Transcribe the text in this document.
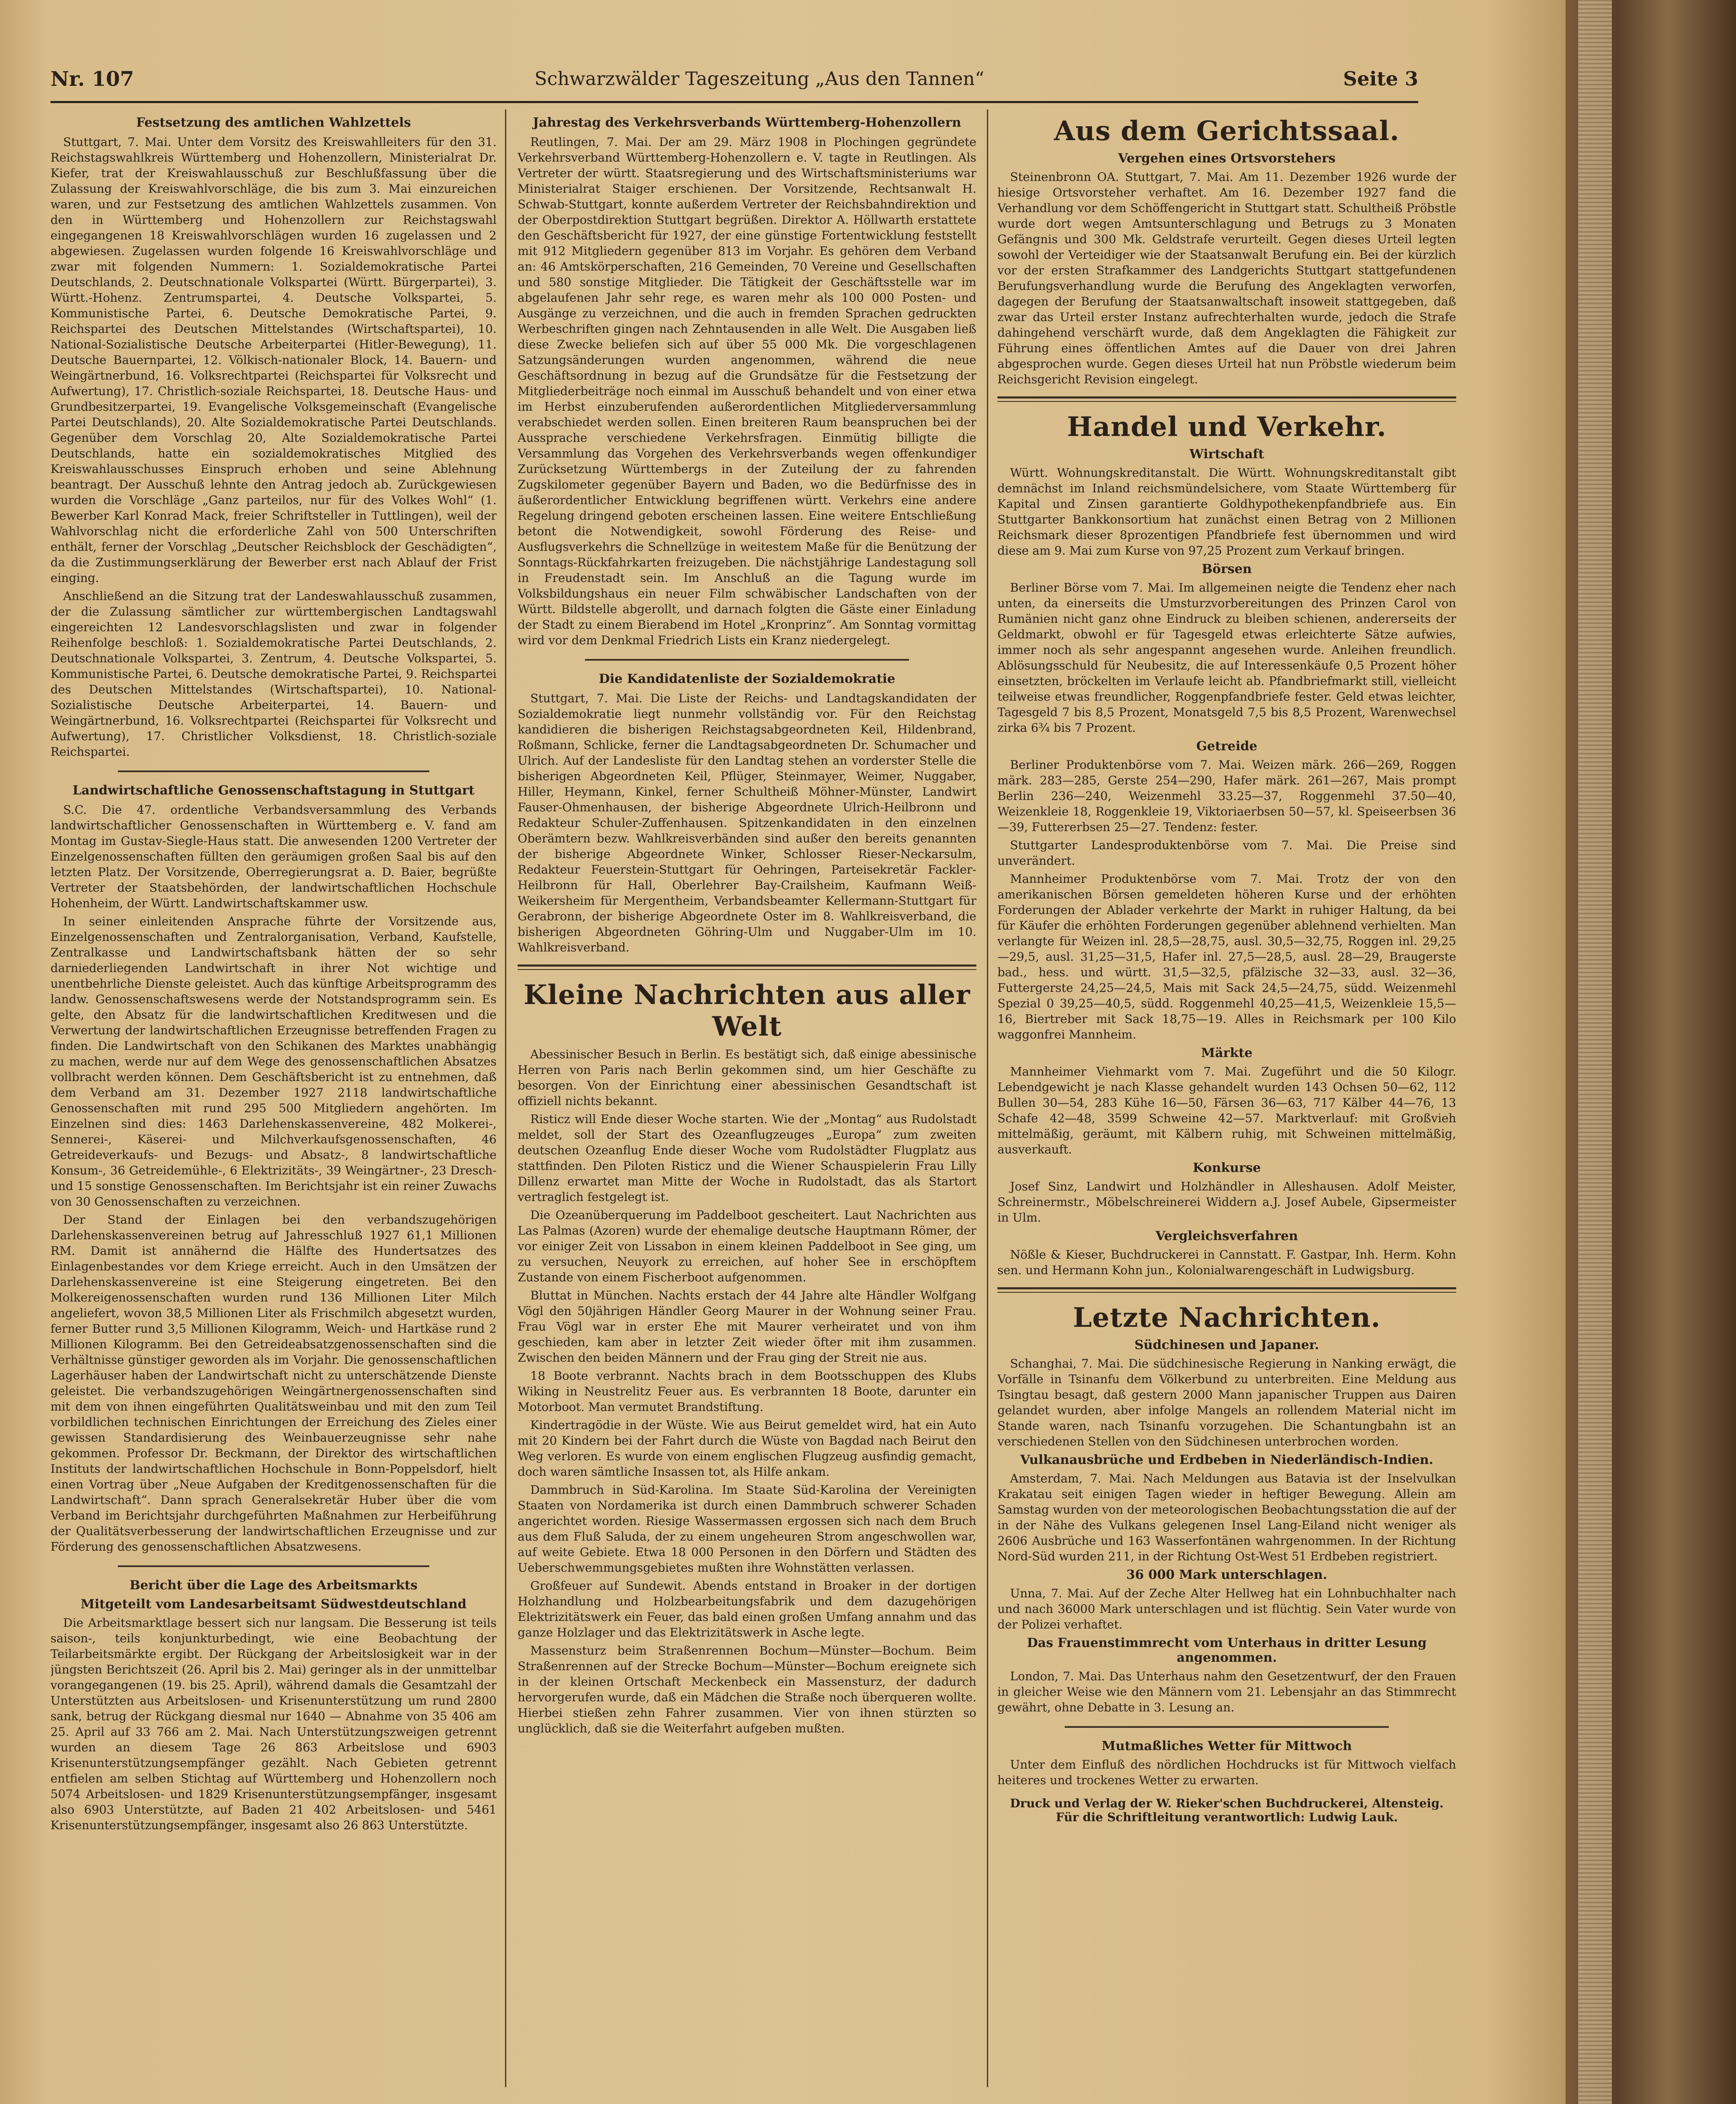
Nr. 107	Schwarzwälder Tageszeitung „Aus den Tannen“	Seite 3
Festsetzung des amtlichen Wahlzettels

Stuttgart, 7. Mai. Unter dem Vorsitz des Kreiswahlleiters für den 31. Reichstagswahlkreis Württemberg und Hohenzollern, Ministerialrat Dr. Kiefer, trat der Kreiswahlausschuß zur Beschlußfassung über die Zulassung der Kreiswahlvorschläge, die bis zum 3. Mai einzureichen waren, und zur Festsetzung des amtlichen Wahlzettels zusammen. Von den in Württemberg und Hohenzollern zur Reichstagswahl eingegangenen 18 Kreiswahlvorschlägen wurden 16 zugelassen und 2 abgewiesen. Zugelassen wurden folgende 16 Kreiswahlvorschläge und zwar mit folgenden Nummern: 1. Sozialdemokratische Partei Deutschlands, 2. Deutschnationale Volkspartei (Württ. Bürgerpartei), 3. Württ.-Hohenz. Zentrumspartei, 4. Deutsche Volkspartei, 5. Kommunistische Partei, 6. Deutsche Demokratische Partei, 9. Reichspartei des Deutschen Mittelstandes (Wirtschaftspartei), 10. National-Sozialistische Deutsche Arbeiterpartei (Hitler-Bewegung), 11. Deutsche Bauernpartei, 12. Völkisch-nationaler Block, 14. Bauern- und Weingärtnerbund, 16. Volksrechtpartei (Reichspartei für Volksrecht und Aufwertung), 17. Christlich-soziale Reichspartei, 18. Deutsche Haus- und Grundbesitzerpartei, 19. Evangelische Volksgemeinschaft (Evangelische Partei Deutschlands), 20. Alte Sozialdemokratische Partei Deutschlands. Gegenüber dem Vorschlag 20, Alte Sozialdemokratische Partei Deutschlands, hatte ein sozialdemokratisches Mitglied des Kreiswahlausschusses Einspruch erhoben und seine Ablehnung beantragt. Der Ausschuß lehnte den Antrag jedoch ab. Zurückgewiesen wurden die Vorschläge „Ganz parteilos, nur für des Volkes Wohl“ (1. Bewerber Karl Konrad Mack, freier Schriftsteller in Tuttlingen), weil der Wahlvorschlag nicht die erforderliche Zahl von 500 Unterschriften enthält, ferner der Vorschlag „Deutscher Reichsblock der Geschädigten“, da die Zustimmungserklärung der Bewerber erst nach Ablauf der Frist einging.

Anschließend an die Sitzung trat der Landeswahlausschuß zusammen, der die Zulassung sämtlicher zur württembergischen Landtagswahl eingereichten 12 Landesvorschlagslisten und zwar in folgender Reihenfolge beschloß: 1. Sozialdemokratische Partei Deutschlands, 2. Deutschnationale Volkspartei, 3. Zentrum, 4. Deutsche Volkspartei, 5. Kommunistische Partei, 6. Deutsche demokratische Partei, 9. Reichspartei des Deutschen Mittelstandes (Wirtschaftspartei), 10. National-Sozialistische Deutsche Arbeiterpartei, 14. Bauern- und Weingärtnerbund, 16. Volksrechtpartei (Reichspartei für Volksrecht und Aufwertung), 17. Christlicher Volksdienst, 18. Christlich-soziale Reichspartei.

Landwirtschaftliche Genossenschaftstagung in Stuttgart

S.C. Die 47. ordentliche Verbandsversammlung des Verbands landwirtschaftlicher Genossenschaften in Württemberg e. V. fand am Montag im Gustav-Siegle-Haus statt. Die anwesenden 1200 Vertreter der Einzelgenossenschaften füllten den geräumigen großen Saal bis auf den letzten Platz. Der Vorsitzende, Oberregierungsrat a. D. Baier, begrüßte Vertreter der Staatsbehörden, der landwirtschaftlichen Hochschule Hohenheim, der Württ. Landwirtschaftskammer usw.

In seiner einleitenden Ansprache führte der Vorsitzende aus, Einzelgenossenschaften und Zentralorganisation, Verband, Kaufstelle, Zentralkasse und Landwirtschaftsbank hätten der so sehr darniederliegenden Landwirtschaft in ihrer Not wichtige und unentbehrliche Dienste geleistet. Auch das künftige Arbeitsprogramm des landw. Genossenschaftswesens werde der Notstandsprogramm sein. Es gelte, den Absatz für die landwirtschaftlichen Kreditwesen und die Verwertung der landwirtschaftlichen Erzeugnisse betreffenden Fragen zu finden. Die Landwirtschaft von den Schikanen des Marktes unabhängig zu machen, werde nur auf dem Wege des genossenschaftlichen Absatzes vollbracht werden können. Dem Geschäftsbericht ist zu entnehmen, daß dem Verband am 31. Dezember 1927 2118 landwirtschaftliche Genossenschaften mit rund 295 500 Mitgliedern angehörten. Im Einzelnen sind dies: 1463 Darlehenskassenvereine, 482 Molkerei-, Sennerei-, Käserei- und Milchverkaufsgenossenschaften, 46 Getreideverkaufs- und Bezugs- und Absatz-, 8 landwirtschaftliche Konsum-, 36 Getreidemühle-, 6 Elektrizitäts-, 39 Weingärtner-, 23 Dresch- und 15 sonstige Genossenschaften. Im Berichtsjahr ist ein reiner Zuwachs von 30 Genossenschaften zu verzeichnen.

Der Stand der Einlagen bei den verbandszugehörigen Darlehenskassenvereinen betrug auf Jahresschluß 1927 61,1 Millionen RM. Damit ist annähernd die Hälfte des Hundertsatzes des Einlagenbestandes vor dem Kriege erreicht. Auch in den Umsätzen der Darlehenskassenvereine ist eine Steigerung eingetreten. Bei den Molkereigenossenschaften wurden rund 136 Millionen Liter Milch angeliefert, wovon 38,5 Millionen Liter als Frischmilch abgesetzt wurden, ferner Butter rund 3,5 Millionen Kilogramm, Weich- und Hartkäse rund 2 Millionen Kilogramm. Bei den Getreideabsatzgenossenschaften sind die Verhältnisse günstiger geworden als im Vorjahr. Die genossenschaftlichen Lagerhäuser haben der Landwirtschaft nicht zu unterschätzende Dienste geleistet. Die verbandszugehörigen Weingärtnergenossenschaften sind mit dem von ihnen eingeführten Qualitätsweinbau und mit den zum Teil vorbildlichen technischen Einrichtungen der Erreichung des Zieles einer gewissen Standardisierung des Weinbauerzeugnisse sehr nahe gekommen. Professor Dr. Beckmann, der Direktor des wirtschaftlichen Instituts der landwirtschaftlichen Hochschule in Bonn-Poppelsdorf, hielt einen Vortrag über „Neue Aufgaben der Kreditgenossenschaften für die Landwirtschaft“. Dann sprach Generalsekretär Huber über die vom Verband im Berichtsjahr durchgeführten Maßnahmen zur Herbeiführung der Qualitätsverbesserung der landwirtschaftlichen Erzeugnisse und zur Förderung des genossenschaftlichen Absatzwesens.

Bericht über die Lage des Arbeitsmarkts
Mitgeteilt vom Landesarbeitsamt Südwestdeutschland

Die Arbeitsmarktlage bessert sich nur langsam. Die Besserung ist teils saison-, teils konjunkturbedingt, wie eine Beobachtung der Teilarbeitsmärkte ergibt. Der Rückgang der Arbeitslosigkeit war in der jüngsten Berichtszeit (26. April bis 2. Mai) geringer als in der unmittelbar vorangegangenen (19. bis 25. April), während damals die Gesamtzahl der Unterstützten aus Arbeitslosen- und Krisenunterstützung um rund 2800 sank, betrug der Rückgang diesmal nur 1640 — Abnahme von 35 406 am 25. April auf 33 766 am 2. Mai. Nach Unterstützungszweigen getrennt wurden an diesem Tage 26 863 Arbeitslose und 6903 Krisenunterstützungsempfänger gezählt. Nach Gebieten getrennt entfielen am selben Stichtag auf Württemberg und Hohenzollern noch 5074 Arbeitslosen- und 1829 Krisenunterstützungsempfänger, insgesamt also 6903 Unterstützte, auf Baden 21 402 Arbeitslosen- und 5461 Krisenunterstützungsempfänger, insgesamt also 26 863 Unterstützte.

Jahrestag des Verkehrsverbands Württemberg-Hohenzollern

Reutlingen, 7. Mai. Der am 29. März 1908 in Plochingen gegründete Verkehrsverband Württemberg-Hohenzollern e. V. tagte in Reutlingen. Als Vertreter der württ. Staatsregierung und des Wirtschaftsministeriums war Ministerialrat Staiger erschienen. Der Vorsitzende, Rechtsanwalt H. Schwab-Stuttgart, konnte außerdem Vertreter der Reichsbahndirektion und der Oberpostdirektion Stuttgart begrüßen. Direktor A. Höllwarth erstattete den Geschäftsbericht für 1927, der eine günstige Fortentwicklung feststellt mit 912 Mitgliedern gegenüber 813 im Vorjahr. Es gehören dem Verband an: 46 Amtskörperschaften, 216 Gemeinden, 70 Vereine und Gesellschaften und 580 sonstige Mitglieder. Die Tätigkeit der Geschäftsstelle war im abgelaufenen Jahr sehr rege, es waren mehr als 100 000 Posten- und Ausgänge zu verzeichnen, und die auch in fremden Sprachen gedruckten Werbeschriften gingen nach Zehntausenden in alle Welt. Die Ausgaben ließ diese Zwecke beliefen sich auf über 55 000 Mk. Die vorgeschlagenen Satzungsänderungen wurden angenommen, während die neue Geschäftsordnung in bezug auf die Grundsätze für die Festsetzung der Mitgliederbeiträge noch einmal im Ausschuß behandelt und von einer etwa im Herbst einzuberufenden außerordentlichen Mitgliederversammlung verabschiedet werden sollen. Einen breiteren Raum beanspruchen bei der Aussprache verschiedene Verkehrsfragen. Einmütig billigte die Versammlung das Vorgehen des Verkehrsverbands wegen offenkundiger Zurücksetzung Württembergs in der Zuteilung der zu fahrenden Zugskilometer gegenüber Bayern und Baden, wo die Bedürfnisse des in äußerordentlicher Entwicklung begriffenen württ. Verkehrs eine andere Regelung dringend geboten erscheinen lassen. Eine weitere Entschließung betont die Notwendigkeit, sowohl Förderung des Reise- und Ausflugsverkehrs die Schnellzüge in weitestem Maße für die Benützung der Sonntags-Rückfahrkarten freizugeben. Die nächstjährige Landestagung soll in Freudenstadt sein. Im Anschluß an die Tagung wurde im Volksbildungshaus ein neuer Film schwäbischer Landschaften von der Württ. Bildstelle abgerollt, und darnach folgten die Gäste einer Einladung der Stadt zu einem Bierabend im Hotel „Kronprinz“. Am Sonntag vormittag wird vor dem Denkmal Friedrich Lists ein Kranz niedergelegt.

Die Kandidatenliste der Sozialdemokratie

Stuttgart, 7. Mai. Die Liste der Reichs- und Landtagskandidaten der Sozialdemokratie liegt nunmehr vollständig vor. Für den Reichstag kandidieren die bisherigen Reichstagsabgeordneten Keil, Hildenbrand, Roßmann, Schlicke, ferner die Landtagsabgeordneten Dr. Schumacher und Ulrich. Auf der Landesliste für den Landtag stehen an vorderster Stelle die bisherigen Abgeordneten Keil, Pflüger, Steinmayer, Weimer, Nuggaber, Hiller, Heymann, Kinkel, ferner Schultheiß Möhner-Münster, Landwirt Fauser-Ohmenhausen, der bisherige Abgeordnete Ulrich-Heilbronn und Redakteur Schuler-Zuffenhausen. Spitzenkandidaten in den einzelnen Oberämtern bezw. Wahlkreisverbänden sind außer den bereits genannten der bisherige Abgeordnete Winker, Schlosser Rieser-Neckarsulm, Redakteur Feuerstein-Stuttgart für Oehringen, Parteisekretär Fackler-Heilbronn für Hall, Oberlehrer Bay-Crailsheim, Kaufmann Weiß-Weikersheim für Mergentheim, Verbandsbeamter Kellermann-Stuttgart für Gerabronn, der bisherige Abgeordnete Oster im 8. Wahlkreisverband, die bisherigen Abgeordneten Göhring-Ulm und Nuggaber-Ulm im 10. Wahlkreisverband.

Kleine Nachrichten aus aller Welt

Abessinischer Besuch in Berlin. Es bestätigt sich, daß einige abessinische Herren von Paris nach Berlin gekommen sind, um hier Geschäfte zu besorgen. Von der Einrichtung einer abessinischen Gesandtschaft ist offiziell nichts bekannt.

Risticz will Ende dieser Woche starten. Wie der „Montag“ aus Rudolstadt meldet, soll der Start des Ozeanflugzeuges „Europa“ zum zweiten deutschen Ozeanflug Ende dieser Woche vom Rudolstädter Flugplatz aus stattfinden. Den Piloten Risticz und die Wiener Schauspielerin Frau Lilly Dillenz erwartet man Mitte der Woche in Rudolstadt, das als Startort vertraglich festgelegt ist.

Die Ozeanüberquerung im Paddelboot gescheitert. Laut Nachrichten aus Las Palmas (Azoren) wurde der ehemalige deutsche Hauptmann Römer, der vor einiger Zeit von Lissabon in einem kleinen Paddelboot in See ging, um zu versuchen, Neuyork zu erreichen, auf hoher See in erschöpftem Zustande von einem Fischerboot aufgenommen.

Bluttat in München. Nachts erstach der 44 Jahre alte Händler Wolfgang Vögl den 50jährigen Händler Georg Maurer in der Wohnung seiner Frau. Frau Vögl war in erster Ehe mit Maurer verheiratet und von ihm geschieden, kam aber in letzter Zeit wieder öfter mit ihm zusammen. Zwischen den beiden Männern und der Frau ging der Streit nie aus.

18 Boote verbrannt. Nachts brach in dem Bootsschuppen des Klubs Wiking in Neustrelitz Feuer aus. Es verbrannten 18 Boote, darunter ein Motorboot. Man vermutet Brandstiftung.

Kindertragödie in der Wüste. Wie aus Beirut gemeldet wird, hat ein Auto mit 20 Kindern bei der Fahrt durch die Wüste von Bagdad nach Beirut den Weg verloren. Es wurde von einem englischen Flugzeug ausfindig gemacht, doch waren sämtliche Insassen tot, als Hilfe ankam.

Dammbruch in Süd-Karolina. Im Staate Süd-Karolina der Vereinigten Staaten von Nordamerika ist durch einen Dammbruch schwerer Schaden angerichtet worden. Riesige Wassermassen ergossen sich nach dem Bruch aus dem Fluß Saluda, der zu einem ungeheuren Strom angeschwollen war, auf weite Gebiete. Etwa 18 000 Personen in den Dörfern und Städten des Ueberschwemmungsgebietes mußten ihre Wohnstätten verlassen.

Großfeuer auf Sundewit. Abends entstand in Broaker in der dortigen Holzhandlung und Holzbearbeitungsfabrik und dem dazugehörigen Elektrizitätswerk ein Feuer, das bald einen großen Umfang annahm und das ganze Holzlager und das Elektrizitätswerk in Asche legte.

Massensturz beim Straßenrennen Bochum—Münster—Bochum. Beim Straßenrennen auf der Strecke Bochum—Münster—Bochum ereignete sich in der kleinen Ortschaft Meckenbeck ein Massensturz, der dadurch hervorgerufen wurde, daß ein Mädchen die Straße noch überqueren wollte. Hierbei stießen zehn Fahrer zusammen. Vier von ihnen stürzten so unglücklich, daß sie die Weiterfahrt aufgeben mußten.

Aus dem Gerichtssaal.
Vergehen eines Ortsvorstehers

Steinenbronn OA. Stuttgart, 7. Mai. Am 11. Dezember 1926 wurde der hiesige Ortsvorsteher verhaftet. Am 16. Dezember 1927 fand die Verhandlung vor dem Schöffengericht in Stuttgart statt. Schultheiß Pröbstle wurde dort wegen Amtsunterschlagung und Betrugs zu 3 Monaten Gefängnis und 300 Mk. Geldstrafe verurteilt. Gegen dieses Urteil legten sowohl der Verteidiger wie der Staatsanwalt Berufung ein. Bei der kürzlich vor der ersten Strafkammer des Landgerichts Stuttgart stattgefundenen Berufungsverhandlung wurde die Berufung des Angeklagten verworfen, dagegen der Berufung der Staatsanwaltschaft insoweit stattgegeben, daß zwar das Urteil erster Instanz aufrechterhalten wurde, jedoch die Strafe dahingehend verschärft wurde, daß dem Angeklagten die Fähigkeit zur Führung eines öffentlichen Amtes auf die Dauer von drei Jahren abgesprochen wurde. Gegen dieses Urteil hat nun Pröbstle wiederum beim Reichsgericht Revision eingelegt.

Handel und Verkehr.
Wirtschaft

Württ. Wohnungskreditanstalt. Die Württ. Wohnungskreditanstalt gibt demnächst im Inland reichsmündelsichere, vom Staate Württemberg für Kapital und Zinsen garantierte Goldhypothekenpfandbriefe aus. Ein Stuttgarter Bankkonsortium hat zunächst einen Betrag von 2 Millionen Reichsmark dieser 8prozentigen Pfandbriefe fest übernommen und wird diese am 9. Mai zum Kurse von 97,25 Prozent zum Verkauf bringen.

Börsen

Berliner Börse vom 7. Mai. Im allgemeinen neigte die Tendenz eher nach unten, da einerseits die Umsturzvorbereitungen des Prinzen Carol von Rumänien nicht ganz ohne Eindruck zu bleiben schienen, andererseits der Geldmarkt, obwohl er für Tagesgeld etwas erleichterte Sätze aufwies, immer noch als sehr angespannt angesehen wurde. Anleihen freundlich. Ablösungsschuld für Neubesitz, die auf Interessenkäufe 0,5 Prozent höher einsetzten, bröckelten im Verlaufe leicht ab. Pfandbriefmarkt still, vielleicht teilweise etwas freundlicher, Roggenpfandbriefe fester. Geld etwas leichter, Tagesgeld 7 bis 8,5 Prozent, Monatsgeld 7,5 bis 8,5 Prozent, Warenwechsel zirka 6¾ bis 7 Prozent.

Getreide

Berliner Produktenbörse vom 7. Mai. Weizen märk. 266—269, Roggen märk. 283—285, Gerste 254—290, Hafer märk. 261—267, Mais prompt Berlin 236—240, Weizenmehl 33.25—37, Roggenmehl 37.50—40, Weizenkleie 18, Roggenkleie 19, Viktoriaerbsen 50—57, kl. Speiseerbsen 36—39, Futtererbsen 25—27. Tendenz: fester.

Stuttgarter Landesproduktenbörse vom 7. Mai. Die Preise sind unverändert.

Mannheimer Produktenbörse vom 7. Mai. Trotz der von den amerikanischen Börsen gemeldeten höheren Kurse und der erhöhten Forderungen der Ablader verkehrte der Markt in ruhiger Haltung, da bei für Käufer die erhöhten Forderungen gegenüber ablehnend verhielten. Man verlangte für Weizen inl. 28,5—28,75, ausl. 30,5—32,75, Roggen inl. 29,25—29,5, ausl. 31,25—31,5, Hafer inl. 27,5—28,5, ausl. 28—29, Braugerste bad., hess. und württ. 31,5—32,5, pfälzische 32—33, ausl. 32—36, Futtergerste 24,25—24,5, Mais mit Sack 24,5—24,75, südd. Weizenmehl Spezial 0 39,25—40,5, südd. Roggenmehl 40,25—41,5, Weizenkleie 15,5—16, Biertreber mit Sack 18,75—19. Alles in Reichsmark per 100 Kilo waggonfrei Mannheim.

Märkte

Mannheimer Viehmarkt vom 7. Mai. Zugeführt und die 50 Kilogr. Lebendgewicht je nach Klasse gehandelt wurden 143 Ochsen 50—62, 112 Bullen 30—54, 283 Kühe 16—50, Färsen 36—63, 717 Kälber 44—76, 13 Schafe 42—48, 3599 Schweine 42—57. Marktverlauf: mit Großvieh mittelmäßig, geräumt, mit Kälbern ruhig, mit Schweinen mittelmäßig, ausverkauft.

Konkurse

Josef Sinz, Landwirt und Holzhändler in Alleshausen. Adolf Meister, Schreinermstr., Möbelschreinerei Widdern a.J. Josef Aubele, Gipsermeister in Ulm.

Vergleichsverfahren

Nößle & Kieser, Buchdruckerei in Cannstatt. F. Gastpar, Inh. Herm. Kohn sen. und Hermann Kohn jun., Kolonialwarengeschäft in Ludwigsburg.

Letzte Nachrichten.
Südchinesen und Japaner.

Schanghai, 7. Mai. Die südchinesische Regierung in Nanking erwägt, die Vorfälle in Tsinanfu dem Völkerbund zu unterbreiten. Eine Meldung aus Tsingtau besagt, daß gestern 2000 Mann japanischer Truppen aus Dairen gelandet wurden, aber infolge Mangels an rollendem Material nicht im Stande waren, nach Tsinanfu vorzugehen. Die Schantungbahn ist an verschiedenen Stellen von den Südchinesen unterbrochen worden.

Vulkanausbrüche und Erdbeben in Niederländisch-Indien.

Amsterdam, 7. Mai. Nach Meldungen aus Batavia ist der Inselvulkan Krakatau seit einigen Tagen wieder in heftiger Bewegung. Allein am Samstag wurden von der meteorologischen Beobachtungsstation die auf der in der Nähe des Vulkans gelegenen Insel Lang-Eiland nicht weniger als 2606 Ausbrüche und 163 Wasserfontänen wahrgenommen. In der Richtung Nord-Süd wurden 211, in der Richtung Ost-West 51 Erdbeben registriert.

36 000 Mark unterschlagen.

Unna, 7. Mai. Auf der Zeche Alter Hellweg hat ein Lohnbuchhalter nach und nach 36000 Mark unterschlagen und ist flüchtig. Sein Vater wurde von der Polizei verhaftet.

Das Frauenstimmrecht vom Unterhaus in dritter Lesung angenommen.

London, 7. Mai. Das Unterhaus nahm den Gesetzentwurf, der den Frauen in gleicher Weise wie den Männern vom 21. Lebensjahr an das Stimmrecht gewährt, ohne Debatte in 3. Lesung an.

Mutmaßliches Wetter für Mittwoch

Unter dem Einfluß des nördlichen Hochdrucks ist für Mittwoch vielfach heiteres und trockenes Wetter zu erwarten.

Druck und Verlag der W. Rieker'schen Buchdruckerei, Altensteig. Für die Schriftleitung verantwortlich: Ludwig Lauk.
